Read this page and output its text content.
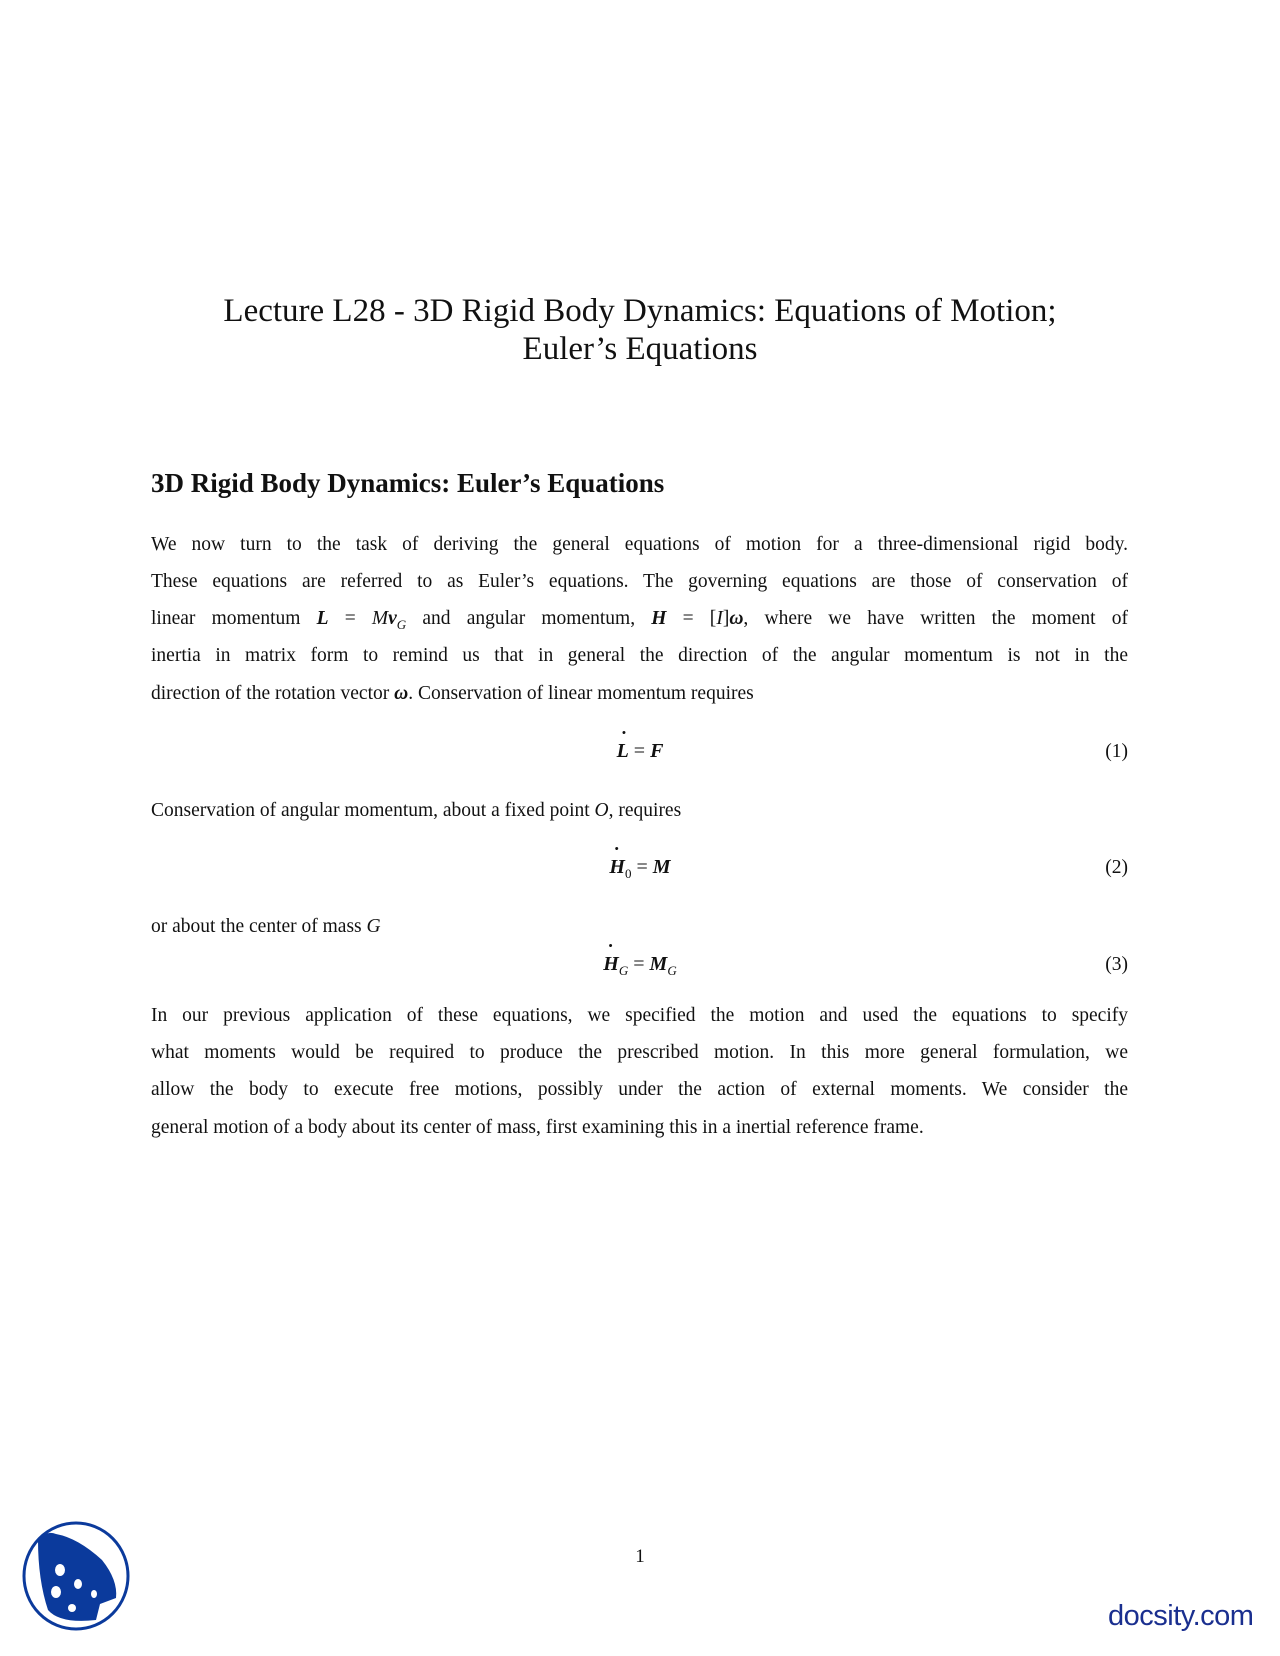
Lecture L28 - 3D Rigid Body Dynamics: Equations of Motion;
Euler’s Equations
3D Rigid Body Dynamics: Euler’s Equations
We now turn to the task of deriving the general equations of motion for a three-dimensional rigid body.
These equations are referred to as Euler’s equations. The governing equations are those of conservation of
linear momentum $L = Mv_G$ and angular momentum, H = [I]ω, where we have written the moment of
inertia in matrix form to remind us that in general the direction of the angular momentum is not in the
direction of the rotation vector ω. Conservation of linear momentum requires
˙ L = F	(1)
Conservation of angular momentum, about a fixed point O, requires
˙ $H_0 = M$	(2)
or about the center of mass G
˙ $H_G = M_G$	(3)
In our previous application of these equations, we specified the motion and used the equations to specify
what moments would be required to produce the prescribed motion. In this more general formulation, we
allow the body to execute free motions, possibly under the action of external moments. We consider the
general motion of a body about its center of mass, first examining this in a inertial reference frame.
1
docsity.com
